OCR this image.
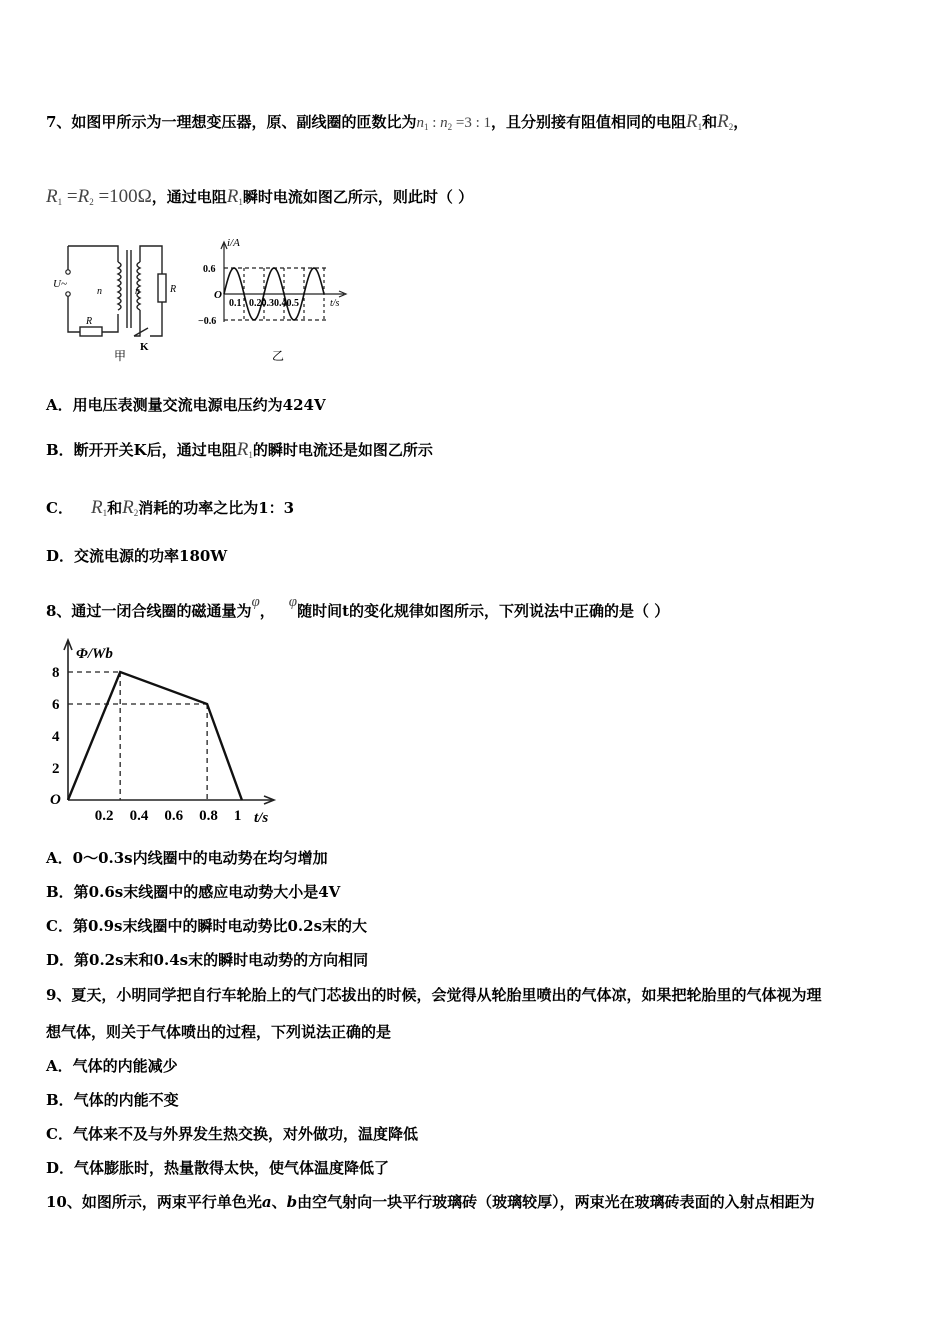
7、如图甲所示为一理想变压器，原、副线圈的匝数比为$n_1$ : $n_2 =3$ : 1，且分别接有阻值相同的电阻$R_1$和$R_2$，
$R_1 =R_2 =100\Omega$，通过电阻$R_1$瞬时电流如图乙所示，则此时（ ）
U~
n	n
R
R
K
甲
i/A
0.6
−0.6
O
0.1   0.20.30.40.5	t/s
乙
A．用电压表测量交流电源电压约为424V
B．断开开关K后，通过电阻$R_1$的瞬时电流还是如图乙所示
C． $R_1$和$R_2$消耗的功率之比为1：3
D．交流电源的功率180W
8、通过一闭合线圈的磁通量为φ， φ随时间t的变化规律如图所示，下列说法中正确的是（ ）
0.2 0.4 0.6 0.8 1
2
4
6
8
Φ/Wb
t/s
O
A．0～0.3s内线圈中的电动势在均匀增加
B．第0.6s末线圈中的感应电动势大小是4V
C．第0.9s末线圈中的瞬时电动势比0.2s末的大
D．第0.2s末和0.4s末的瞬时电动势的方向相同
9、夏天，小明同学把自行车轮胎上的气门芯拔出的时候，会觉得从轮胎里喷出的气体凉，如果把轮胎里的气体视为理
想气体，则关于气体喷出的过程，下列说法正确的是
A．气体的内能减少
B．气体的内能不变
C．气体来不及与外界发生热交换，对外做功，温度降低
D．气体膨胀时，热量散得太快，使气体温度降低了
10、如图所示，两束平行单色光a、b由空气射向一块平行玻璃砖（玻璃较厚），两束光在玻璃砖表面的入射点相距为
